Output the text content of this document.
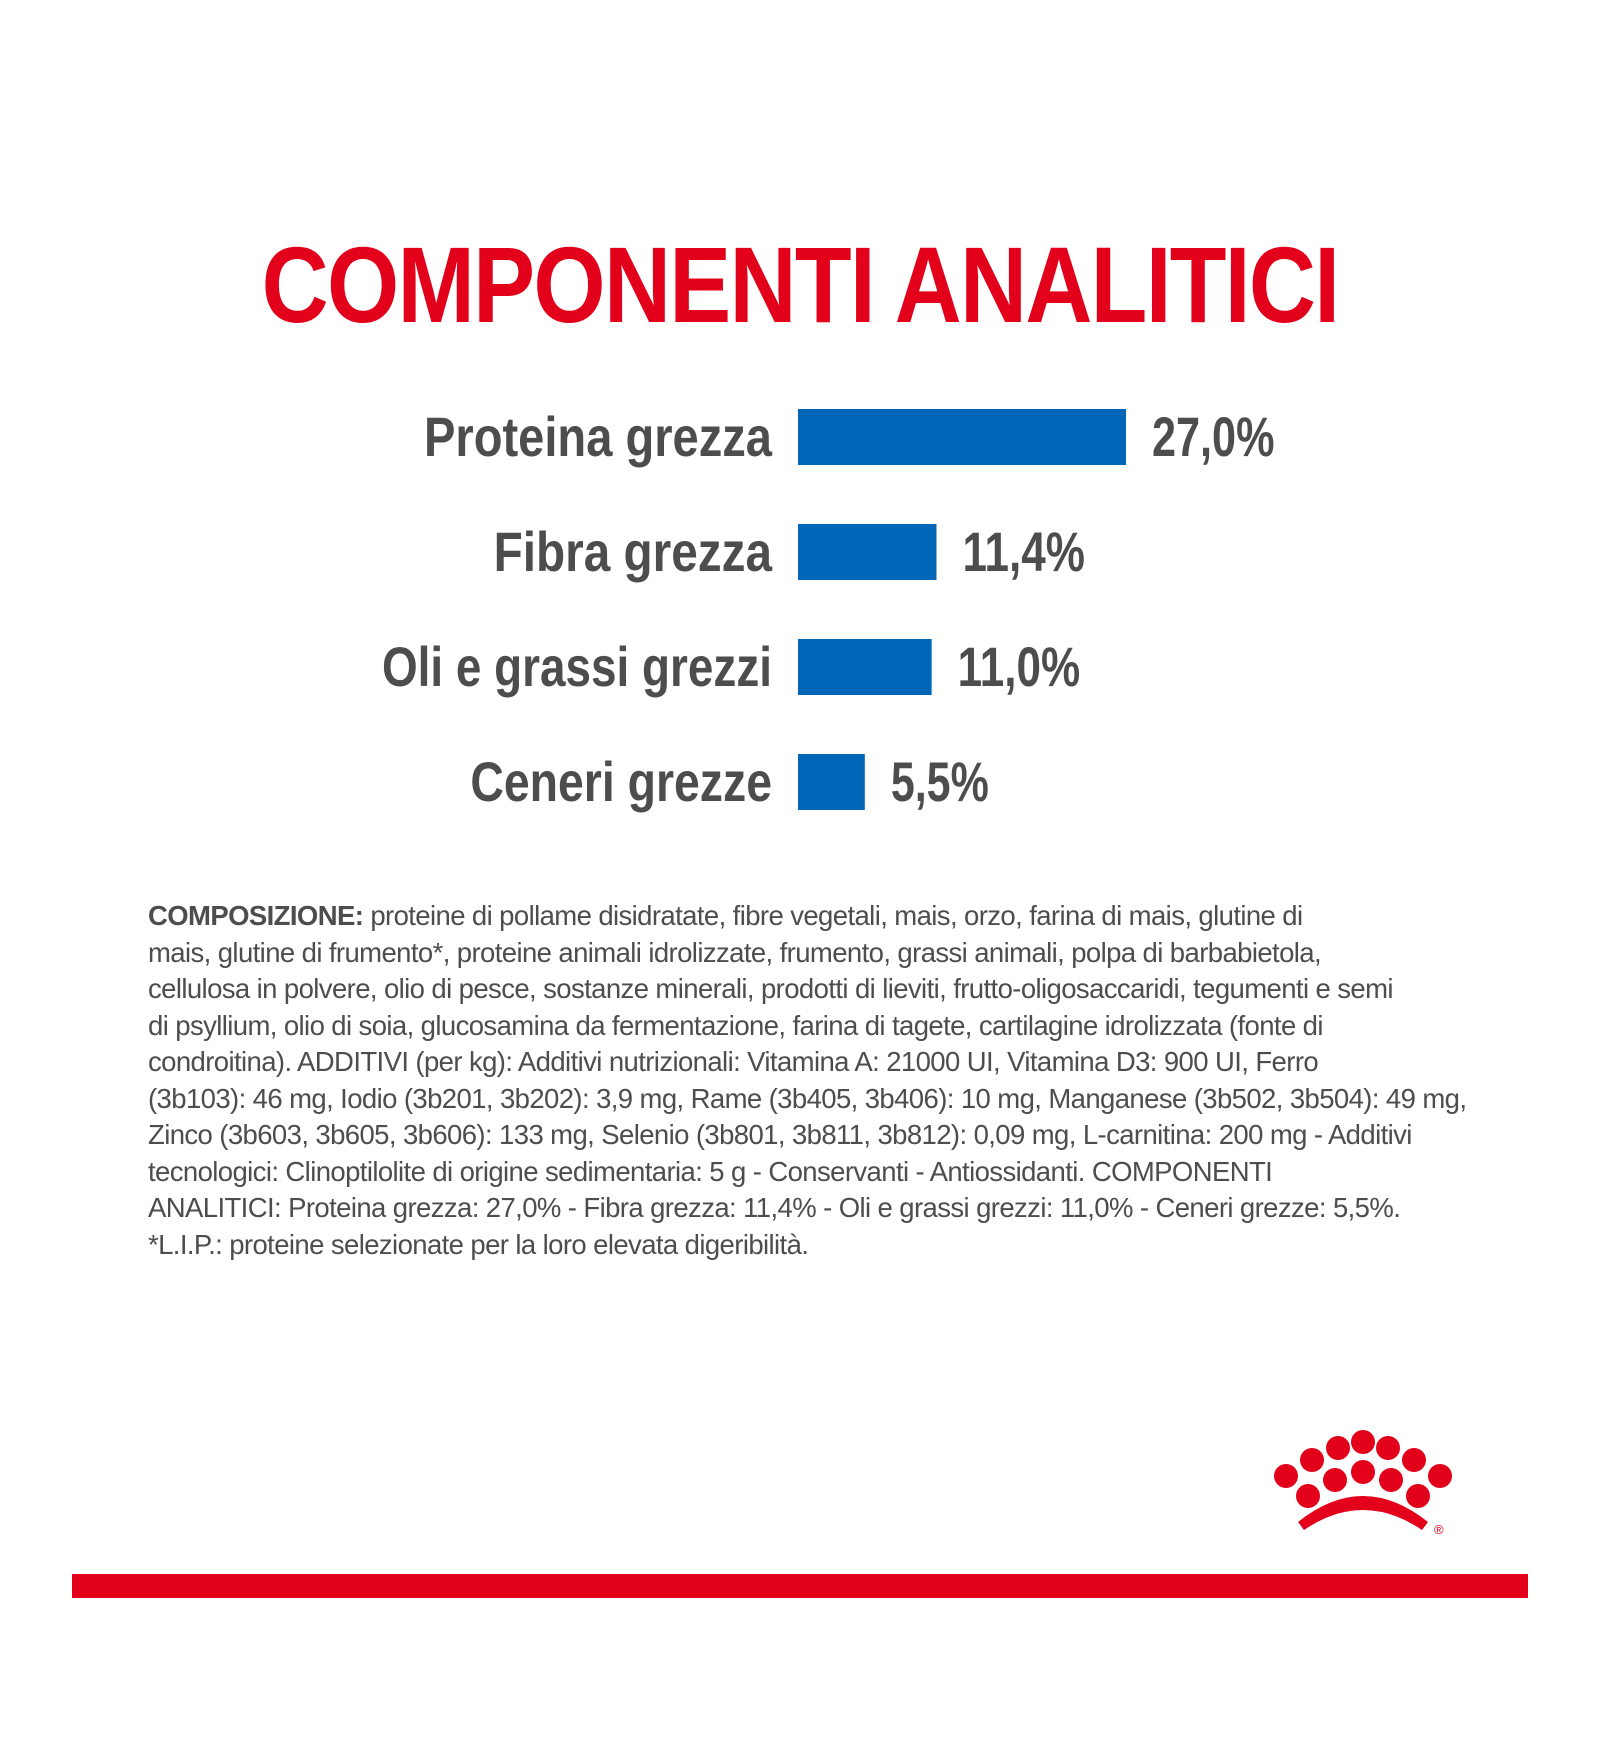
COMPONENTI ANALITICI
Proteina grezza	27,0%
Fibra grezza	11,4%
Oli e grassi grezzi	11,0%
Ceneri grezze 5,5%

COMPOSIZIONE: proteine di pollame disidratate, fibre vegetali, mais, orzo, farina di mais, glutine di
mais, glutine di frumento*, proteine animali idrolizzate, frumento, grassi animali, polpa di barbabietola,
cellulosa in polvere, olio di pesce, sostanze minerali, prodotti di lieviti, frutto-oligosaccaridi, tegumenti e semi
di psyllium, olio di soia, glucosamina da fermentazione, farina di tagete, cartilagine idrolizzata (fonte di
condroitina). ADDITIVI (per kg): Additivi nutrizionali: Vitamina A: 21000 UI, Vitamina D3: 900 UI, Ferro
(3b103): 46 mg, Iodio (3b201, 3b202): 3,9 mg, Rame (3b405, 3b406): 10 mg, Manganese (3b502, 3b504): 49 mg,
Zinco (3b603, 3b605, 3b606): 133 mg, Selenio (3b801, 3b811, 3b812): 0,09 mg, L-carnitina: 200 mg - Additivi
tecnologici: Clinoptilolite di origine sedimentaria: 5 g - Conservanti - Antiossidanti. COMPONENTI
ANALITICI: Proteina grezza: 27,0% - Fibra grezza: 11,4% - Oli e grassi grezzi: 11,0% - Ceneri grezze: 5,5%.
*L.I.P.: proteine selezionate per la loro elevata digeribilità.

®
